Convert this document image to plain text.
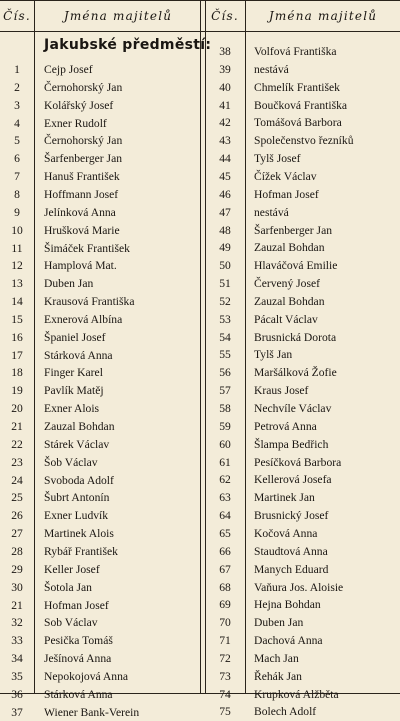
Čís.	Jména majitelů	Čís.	Jména majitelů
Jakubské předměstí:
1	Cejp Josef
2	Černohorský Jan
3	Kolářský Josef
4	Exner Rudolf
5	Černohorský Jan
6	Šarfenberger Jan
7	Hanuš František
8	Hoffmann Josef
9	Jelínková Anna
10	Hrušková Marie
11	Šimáček František
12	Hamplová Mat.
13	Duben Jan
14	Krausová Františka
15	Exnerová Albína
16	Španiel Josef
17	Stárková Anna
18	Finger Karel
19	Pavlík Matěj
20	Exner Alois
21	Zauzal Bohdan
22	Stárek Václav
23	Šob Václav
24	Svoboda Adolf
25	Šubrt Antonín
26	Exner Ludvík
27	Martinek Alois
28	Rybář František
29	Keller Josef
30	Šotola Jan
21	Hofman Josef
32	Sob Václav
33	Pesička Tomáš
34	Ješínová Anna
35	Nepokojová Anna
36	Stárková Anna
37	Wiener Bank-Verein
38	Volfová Františka
39	nestává
40	Chmelík František
41	Boučková Františka
42	Tomášová Barbora
43	Společenstvo řezníků
44	Tylš Josef
45	Čížek Václav
46	Hofman Josef
47	nestává
48	Šarfenberger Jan
49	Zauzal Bohdan
50	Hlaváčová Emilie
51	Červený Josef
52	Zauzal Bohdan
53	Pácalt Václav
54	Brusnická Dorota
55	Tylš Jan
56	Maršálková Žofie
57	Kraus Josef
58	Nechvíle Václav
59	Petrová Anna
60	Šlampa Bedřich
61	Pesíčková Barbora
62	Kellerová Josefa
63	Martinek Jan
64	Brusnický Josef
65	Kočová Anna
66	Staudtová Anna
67	Manych Eduard
68	Vaňura Jos. Aloisie
69	Hejna Bohdan
70	Duben Jan
71	Dachová Anna
72	Mach Jan
73	Řehák Jan
74	Krupková Alžběta
75	Bolech Adolf
